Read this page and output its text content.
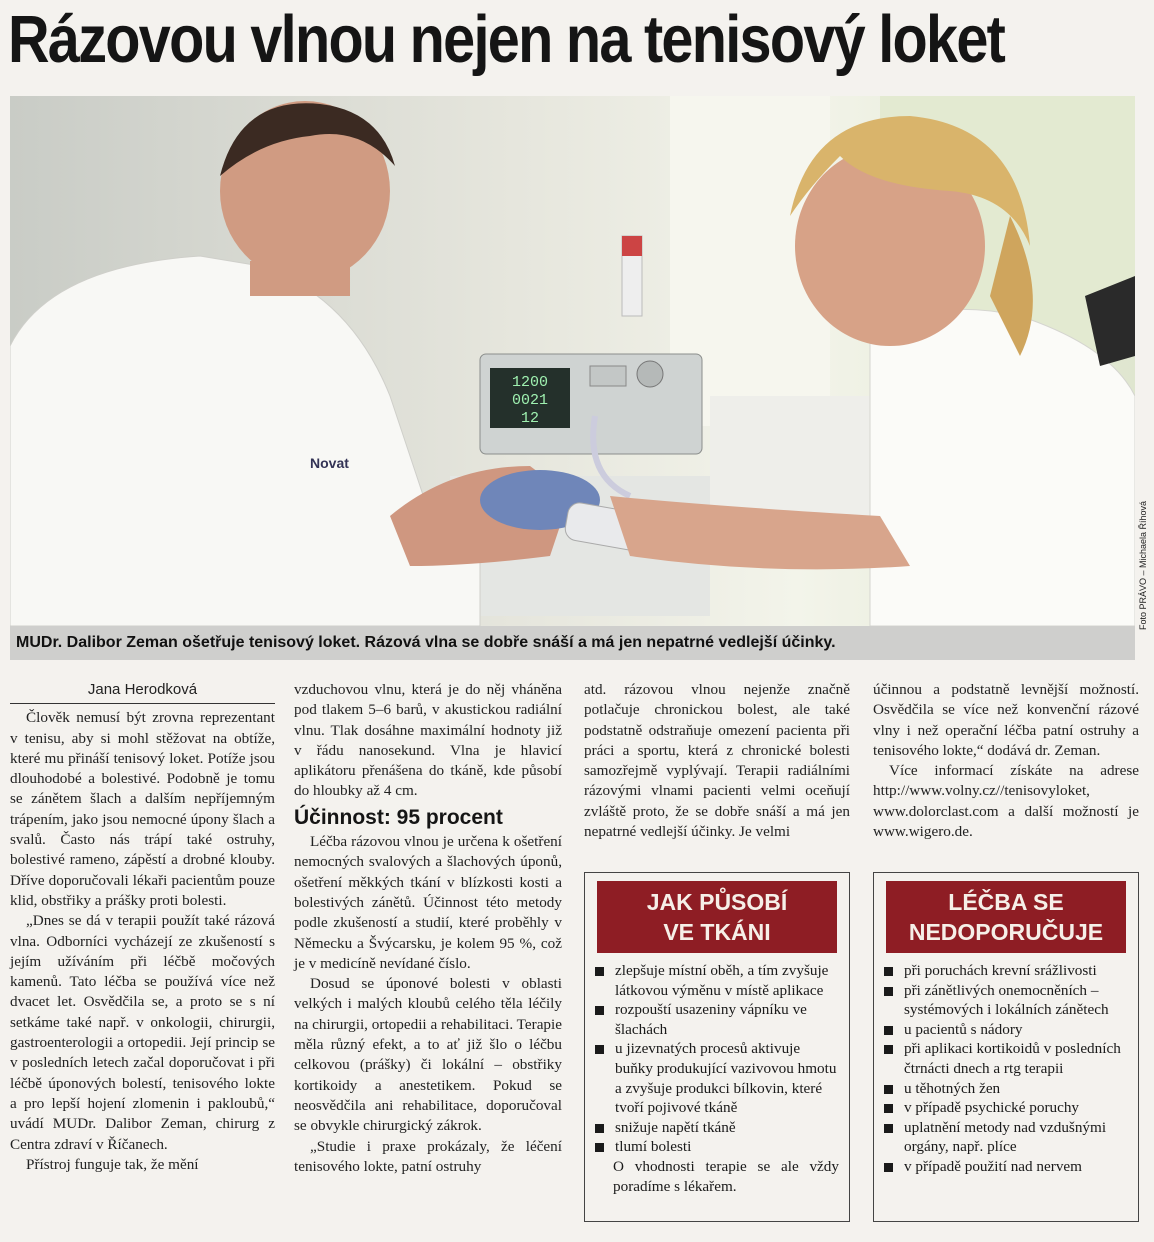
Rázovou vlnou nejen na tenisový loket
1200
0021
12
Novat
Foto PRÁVO – Michaela Říhová
MUDr. Dalibor Zeman ošetřuje tenisový loket. Rázová vlna se dobře snáší a má jen nepatrné vedlejší účinky.
Jana Herodková

Člověk nemusí být zrovna reprezentant v tenisu, aby si mohl stěžovat na obtíže, které mu přináší tenisový loket. Potíže jsou dlouhodobé a bolestivé. Podobně je tomu se zánětem šlach a dalším nepříjemným trápením, jako jsou nemocné úpony šlach a svalů. Často nás trápí také ostruhy, bolestivé rameno, zápěstí a drobné klouby. Dříve doporučovali lékaři pacientům pouze klid, obstřiky a prášky proti bolesti.

„Dnes se dá v terapii použít také rázová vlna. Odborníci vycházejí ze zkušeností s jejím užíváním při léčbě močových kamenů. Tato léčba se používá více než dvacet let. Osvědčila se, a proto se s ní setkáme také např. v onkologii, chirurgii, gastroenterologii a ortopedii. Její princip se v posledních letech začal doporučovat i při léčbě úponových bolestí, tenisového lokte a pro lepší hojení zlomenin i pakloubů,“ uvádí MUDr. Dalibor Zeman, chirurg z Centra zdraví v Říčanech.

Přístroj funguje tak, že mění

vzduchovou vlnu, která je do něj vháněna pod tlakem 5–6 barů, v akustickou radiální vlnu. Tlak dosáhne maximální hodnoty již v řádu nanosekund. Vlna je hlavicí aplikátoru přenášena do tkáně, kde působí do hloubky až 4 cm.

Účinnost: 95 procent

Léčba rázovou vlnou je určena k ošetření nemocných svalových a šlachových úponů, ošetření měkkých tkání v blízkosti kosti a bolestivých zánětů. Účinnost této metody podle zkušeností a studií, které proběhly v Německu a Švýcarsku, je kolem 95 %, což je v medicíně nevídané číslo.

Dosud se úponové bolesti v oblasti velkých i malých kloubů celého těla léčily na chirurgii, ortopedii a rehabilitaci. Terapie měla různý efekt, a to ať již šlo o léčbu celkovou (prášky) či lokální – obstřiky kortikoidy a anestetikem. Pokud se neosvědčila ani rehabilitace, doporučoval se obvykle chirurgický zákrok.

„Studie i praxe prokázaly, že léčení tenisového lokte, patní ostruhy

atd. rázovou vlnou nejenže značně potlačuje chronickou bolest, ale také podstatně odstraňuje omezení pacienta při práci a sportu, která z chronické bolesti samozřejmě vyplývají. Terapii radiálními rázovými vlnami pacienti velmi oceňují zvláště proto, že se dobře snáší a má jen nepatrné vedlejší účinky. Je velmi

účinnou a podstatně levnější možností. Osvědčila se více než konvenční rázové vlny i než operační léčba patní ostruhy a tenisového lokte,“ dodává dr. Zeman.

Více informací získáte na adrese http://www.volny.cz//tenisovyloket, www.dolorclast.com a další možností je www.wigero.de.

JAK PŮSOBÍ
VE TKÁNI
zlepšuje místní oběh, a tím zvyšuje látkovou výměnu v místě aplikace
rozpouští usazeniny vápníku ve šlachách
u jizevnatých procesů aktivuje buňky produkující vazivovou hmotu a zvyšuje produkci bílkovin, které tvoří pojivové tkáně
snižuje napětí tkáně
tlumí bolesti
O vhodnosti terapie se ale vždy poradíme s lékařem.
LÉČBA SE
NEDOPORUČUJE
při poruchách krevní srážlivosti
při zánětlivých onemocněních – systémových i lokálních zánětech
u pacientů s nádory
při aplikaci kortikoidů v posledních čtrnácti dnech a rtg terapii
u těhotných žen
v případě psychické poruchy
uplatnění metody nad vzdušnými orgány, např. plíce
v případě použití nad nervem
